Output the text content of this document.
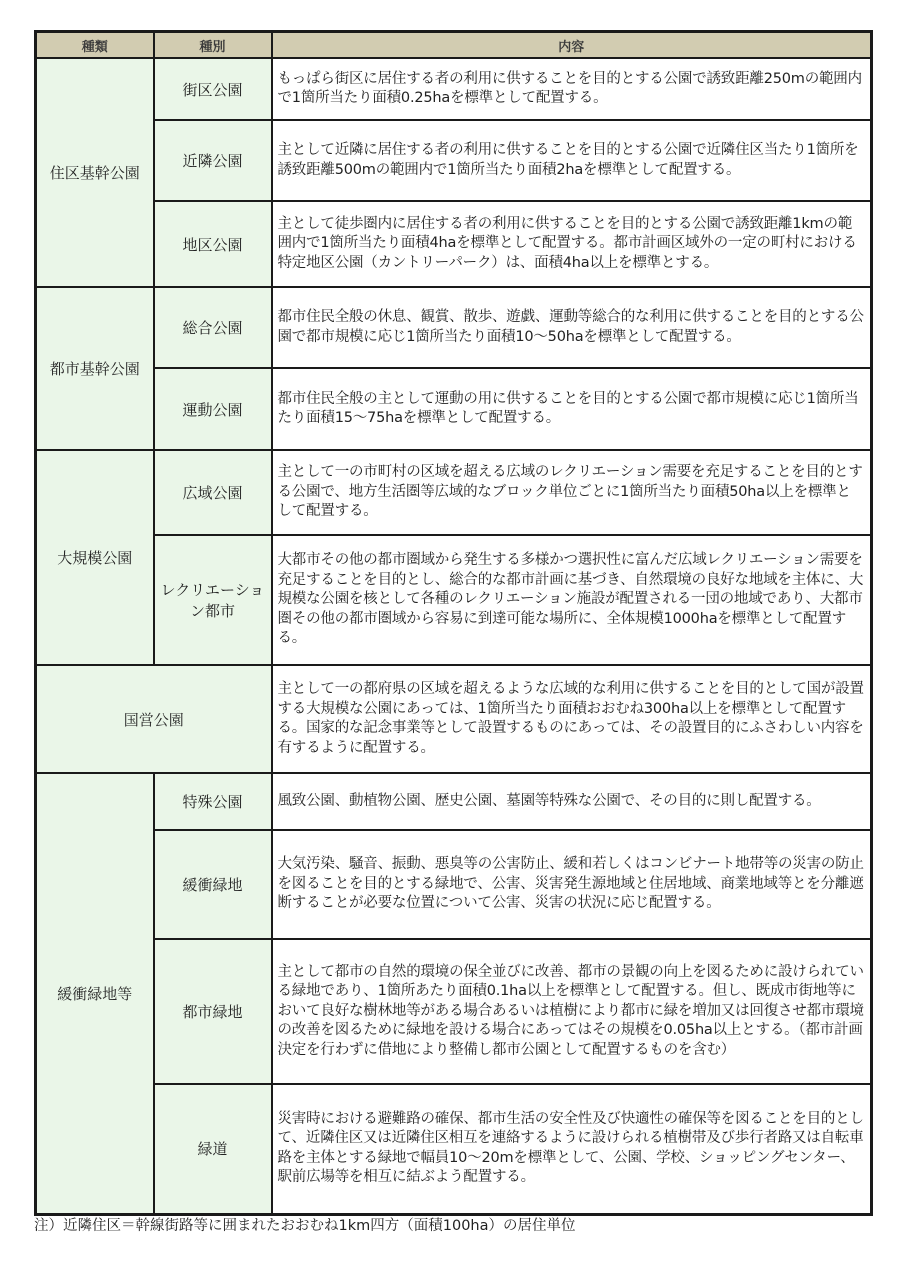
種類	種別	内容
住区基幹公園	街区公園	もっぱら街区に居住する者の利用に供することを目的とする公園で誘致距離250mの範囲内で1箇所当たり面積0.25haを標準として配置する。
	近隣公園	主として近隣に居住する者の利用に供することを目的とする公園で近隣住区当たり1箇所を誘致距離500mの範囲内で1箇所当たり面積2haを標準として配置する。
	地区公園	主として徒歩圏内に居住する者の利用に供することを目的とする公園で誘致距離1kmの範囲内で1箇所当たり面積4haを標準として配置する。都市計画区域外の一定の町村における特定地区公園（カントリーパーク）は、面積4ha以上を標準とする。
都市基幹公園	総合公園	都市住民全般の休息、観賞、散歩、遊戯、運動等総合的な利用に供することを目的とする公園で都市規模に応じ1箇所当たり面積10～50haを標準として配置する。
	運動公園	都市住民全般の主として運動の用に供することを目的とする公園で都市規模に応じ1箇所当たり面積15～75haを標準として配置する。
大規模公園	広域公園	主として一の市町村の区域を超える広域のレクリエーション需要を充足することを目的とする公園で、地方生活圏等広域的なブロック単位ごとに1箇所当たり面積50ha以上を標準として配置する。
	レクリエーション都市	大都市その他の都市圏域から発生する多様かつ選択性に富んだ広域レクリエーション需要を充足することを目的とし、総合的な都市計画に基づき、自然環境の良好な地域を主体に、大規模な公園を核として各種のレクリエーション施設が配置される一団の地域であり、大都市圏その他の都市圏域から容易に到達可能な場所に、全体規模1000haを標準として配置する。
国営公園		主として一の都府県の区域を超えるような広域的な利用に供することを目的として国が設置する大規模な公園にあっては、1箇所当たり面積おおむね300ha以上を標準として配置する。国家的な記念事業等として設置するものにあっては、その設置目的にふさわしい内容を有するように配置する。
緩衝緑地等	特殊公園	風致公園、動植物公園、歴史公園、墓園等特殊な公園で、その目的に則し配置する。
	緩衝緑地	大気汚染、騒音、振動、悪臭等の公害防止、緩和若しくはコンビナート地帯等の災害の防止を図ることを目的とする緑地で、公害、災害発生源地域と住居地域、商業地域等とを分離遮断することが必要な位置について公害、災害の状況に応じ配置する。
	都市緑地	主として都市の自然的環境の保全並びに改善、都市の景観の向上を図るために設けられている緑地であり、1箇所あたり面積0.1ha以上を標準として配置する。但し、既成市街地等において良好な樹林地等がある場合あるいは植樹により都市に緑を増加又は回復させ都市環境の改善を図るために緑地を設ける場合にあってはその規模を0.05ha以上とする。（都市計画決定を行わずに借地により整備し都市公園として配置するものを含む）
	緑道	災害時における避難路の確保、都市生活の安全性及び快適性の確保等を図ることを目的として、近隣住区又は近隣住区相互を連絡するように設けられる植樹帯及び歩行者路又は自転車路を主体とする緑地で幅員10～20mを標準として、公園、学校、ショッピングセンター、駅前広場等を相互に結ぶよう配置する。
注）近隣住区＝幹線街路等に囲まれたおおむね1km四方（面積100ha）の居住単位
